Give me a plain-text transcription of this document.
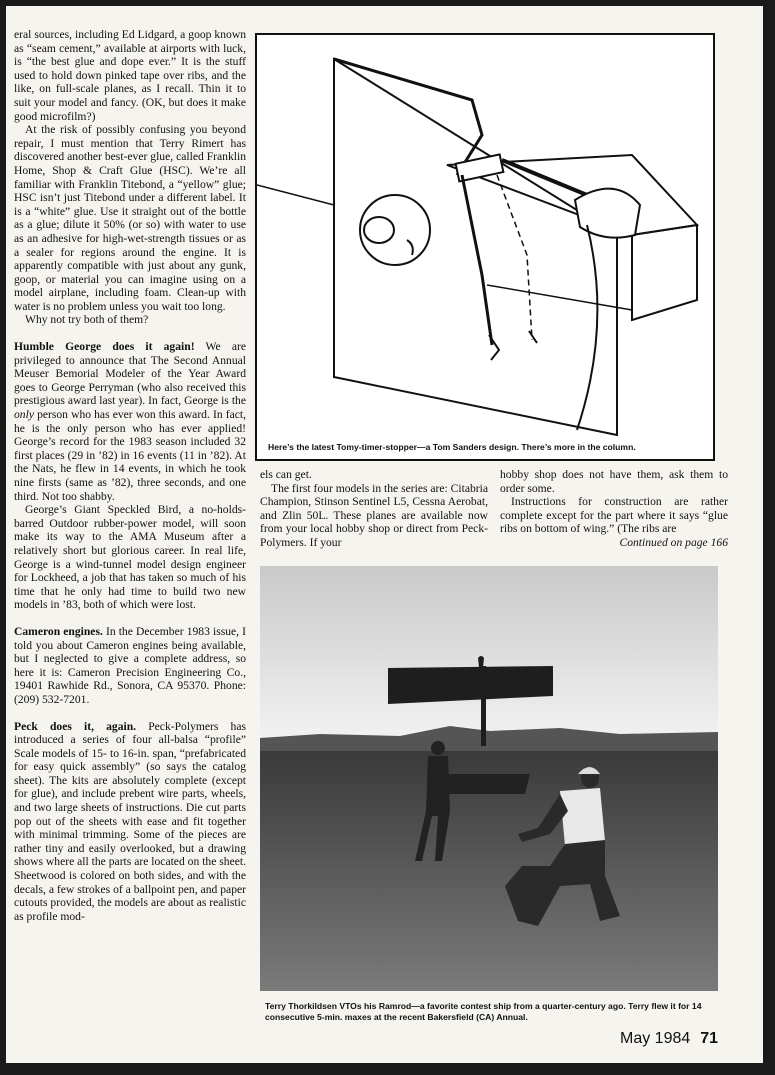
eral sources, including Ed Lidgard, a goop known as “seam cement,” available at airports with luck, is “the best glue and dope ever.” It is the stuff used to hold down pinked tape over ribs, and the like, on full-scale planes, as I recall. Thin it to suit your model and fancy. (OK, but does it make good microfilm?)

At the risk of possibly confusing you beyond repair, I must mention that Terry Rimert has discovered another best-ever glue, called Franklin Home, Shop & Craft Glue (HSC). We’re all familiar with Franklin Titebond, a “yellow” glue; HSC isn’t just Titebond under a different label. It is a “white” glue. Use it straight out of the bottle as a glue; dilute it 50% (or so) with water to use as an adhesive for high-wet-strength tissues or as a sealer for regions around the engine. It is apparently compatible with just about any gunk, goop, or material you can imagine using on a model airplane, including foam. Clean-up with water is no problem unless you wait too long.

Why not try both of them?

Humble George does it again! We are privileged to announce that The Second Annual Meuser Bemorial Modeler of the Year Award goes to George Perryman (who also received this prestigious award last year). In fact, George is the only person who has ever won this award. In fact, he is the only person who has ever applied! George’s record for the 1983 season included 32 first places (29 in ’82) in 16 events (11 in ’82). At the Nats, he flew in 14 events, in which he took nine firsts (same as ’82), three seconds, and one third. Not too shabby.

George’s Giant Speckled Bird, a no-holds-barred Outdoor rubber-power model, will soon make its way to the AMA Museum after a relatively short but glorious career. In real life, George is a wind-tunnel model design engineer for Lockheed, a job that has taken so much of his time that he only had time to build two new models in ’83, both of which were lost.

Cameron engines. In the December 1983 issue, I told you about Cameron engines being available, but I neglected to give a complete address, so here it is: Cameron Precision Engineering Co., 19401 Rawhide Rd., Sonora, CA 95370. Phone: (209) 532-7201.

Peck does it, again. Peck-Polymers has introduced a series of four all-balsa “profile” Scale models of 15- to 16-in. span, “prefabricated for easy quick assembly” (so says the catalog sheet). The kits are absolutely complete (except for glue), and include prebent wire parts, wheels, and two large sheets of instructions. Die cut parts pop out of the sheets with ease and fit together with minimal trimming. Some of the pieces are rather tiny and easily overlooked, but a drawing shows where all the parts are located on the sheet. Sheetwood is colored on both sides, and with the decals, a few strokes of a ballpoint pen, and paper cutouts provided, the models are about as realistic as profile mod-

Here’s the latest Tomy-timer-stopper—a Tom Sanders design. There’s more in the column.

els can get.

The first four models in the series are: Citabria Champion, Stinson Sentinel L5, Cessna Aerobat, and Zlin 50L. These planes are available now from your local hobby shop or direct from Peck-Polymers. If your

hobby shop does not have them, ask them to order some.

Instructions for construction are rather complete except for the part where it says “glue ribs on bottom of wing.” (The ribs are

Continued on page 166

Terry Thorkildsen VTOs his Ramrod—a favorite contest ship from a quarter-century ago. Terry flew it for 14 consecutive 5-min. maxes at the recent Bakersfield (CA) Annual.
May 1984 71
